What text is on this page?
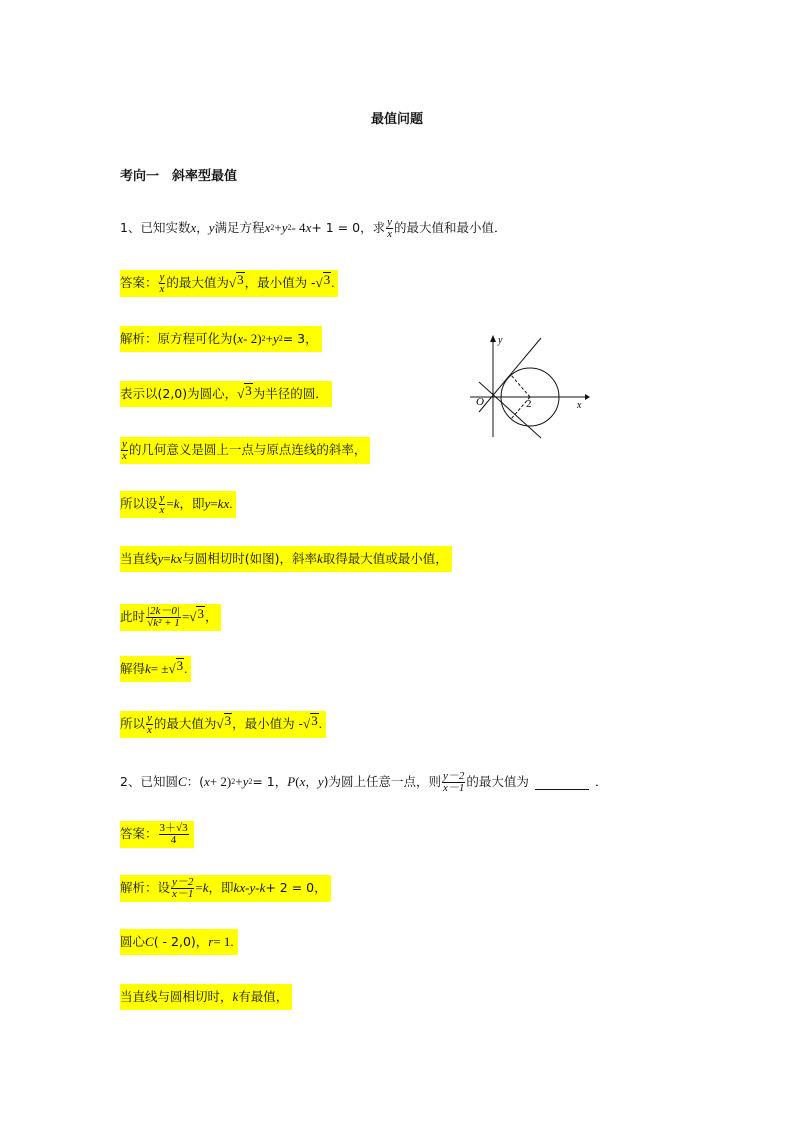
最值问题
考向一　斜率型最值
1、 已知实数 x ， y 满足方程 x 2 + y 2 - 4 x + 1 = 0，求 $\frac{y}{x}$ 的最大值和最小值．
答案： $\frac{y}{x}$ 的最大值为 √ 3 ，最小值为 - √ 3 .
解析：原方程可化为( x - 2) 2 + y 2 = 3，
表示以(2,0)为圆心， √ 3 为半径的圆．
$\frac{y}{x}$ 的几何意义是圆上一点与原点连线的斜率，
所以设 $\frac{y}{x} = k$ ，即 y = kx .
当直线 y = kx 与圆相切时(如图)，斜率 k 取得最大值或最小值，
此时 $\frac{|2k-0|}{\text{√k² + 1}}$ = √ 3 ，
解得 k = ± √ 3 .
所以 $\frac{y}{x}$ 的最大值为 √ 3 ，最小值为 - √ 3 .
y
x
O	2
2、 已知圆 C ：( x + 2) 2 + y 2 = 1， P ( x ， y )为圆上任意一点，则 $\frac{y-2}{x-1}$ 的最大值为	．
答案： $\frac{3+√3}{4}$
解析：设 $\frac{y-2}{x-1} = k$ ，即 kx - y - k + 2 = 0，
圆心 C ( - 2,0)， r = 1.
当直线与圆相切时， k 有最值，
